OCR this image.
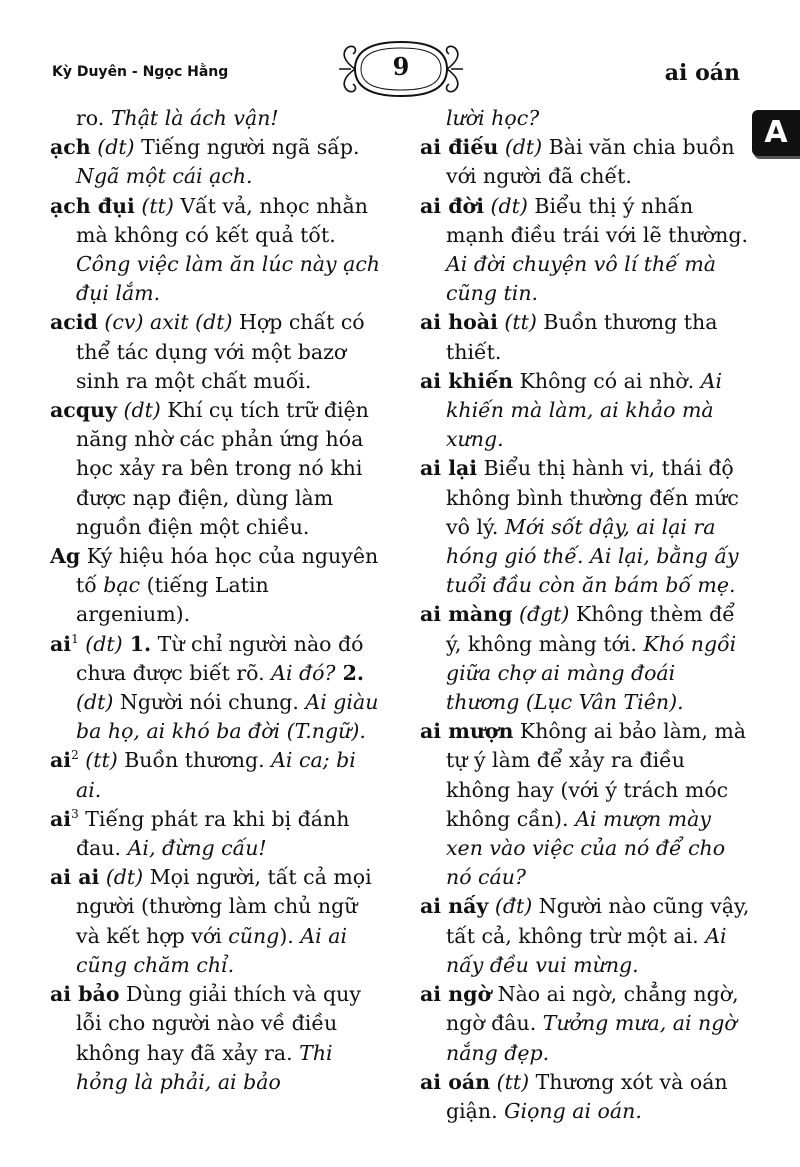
Kỳ Duyên - Ngọc Hằng	9	ai oán
A

ro. Thật là ách vận!

ạch (dt) Tiếng người ngã sấp. Ngã một cái ạch.

ạch đụi (tt) Vất vả, nhọc nhằn mà không có kết quả tốt. Công việc làm ăn lúc này ạch đụi lắm.

acid (cv) axit (dt) Hợp chất có thể tác dụng với một bazơ sinh ra một chất muối.

acquy (dt) Khí cụ tích trữ điện năng nhờ các phản ứng hóa học xảy ra bên trong nó khi được nạp điện, dùng làm nguồn điện một chiều.

Ag Ký hiệu hóa học của nguyên tố bạc (tiếng Latin argenium).

$ai^1$ (dt) 1. Từ chỉ người nào đó chưa được biết rõ. Ai đó? 2. (dt) Người nói chung. Ai giàu ba họ, ai khó ba đời (T.ngữ).

$ai^2$ (tt) Buồn thương. Ai ca; bi ai.

$ai^3$ Tiếng phát ra khi bị đánh đau. Ai, đừng cấu!

ai ai (dt) Mọi người, tất cả mọi người (thường làm chủ ngữ và kết hợp với cũng). Ai ai cũng chăm chỉ.

ai bảo Dùng giải thích và quy lỗi cho người nào về điều không hay đã xảy ra. Thi hỏng là phải, ai bảo

lười học?

ai điếu (dt) Bài văn chia buồn với người đã chết.

ai đời (dt) Biểu thị ý nhấn mạnh điều trái với lẽ thường. Ai đời chuyện vô lí thế mà cũng tin.

ai hoài (tt) Buồn thương tha thiết.

ai khiến Không có ai nhờ. Ai khiến mà làm, ai khảo mà xưng.

ai lại Biểu thị hành vi, thái độ không bình thường đến mức vô lý. Mới sốt dậy, ai lại ra hóng gió thế. Ai lại, bằng ấy tuổi đầu còn ăn bám bố mẹ.

ai màng (đgt) Không thèm để ý, không màng tới. Khó ngồi giữa chợ ai màng đoái thương (Lục Vân Tiên).

ai mượn Không ai bảo làm, mà tự ý làm để xảy ra điều không hay (với ý trách móc không cần). Ai mượn mày xen vào việc của nó để cho nó cáu?

ai nấy (đt) Người nào cũng vậy, tất cả, không trừ một ai. Ai nấy đều vui mừng.

ai ngờ Nào ai ngờ, chẳng ngờ, ngờ đâu. Tưởng mưa, ai ngờ nắng đẹp.

ai oán (tt) Thương xót và oán giận. Giọng ai oán.
